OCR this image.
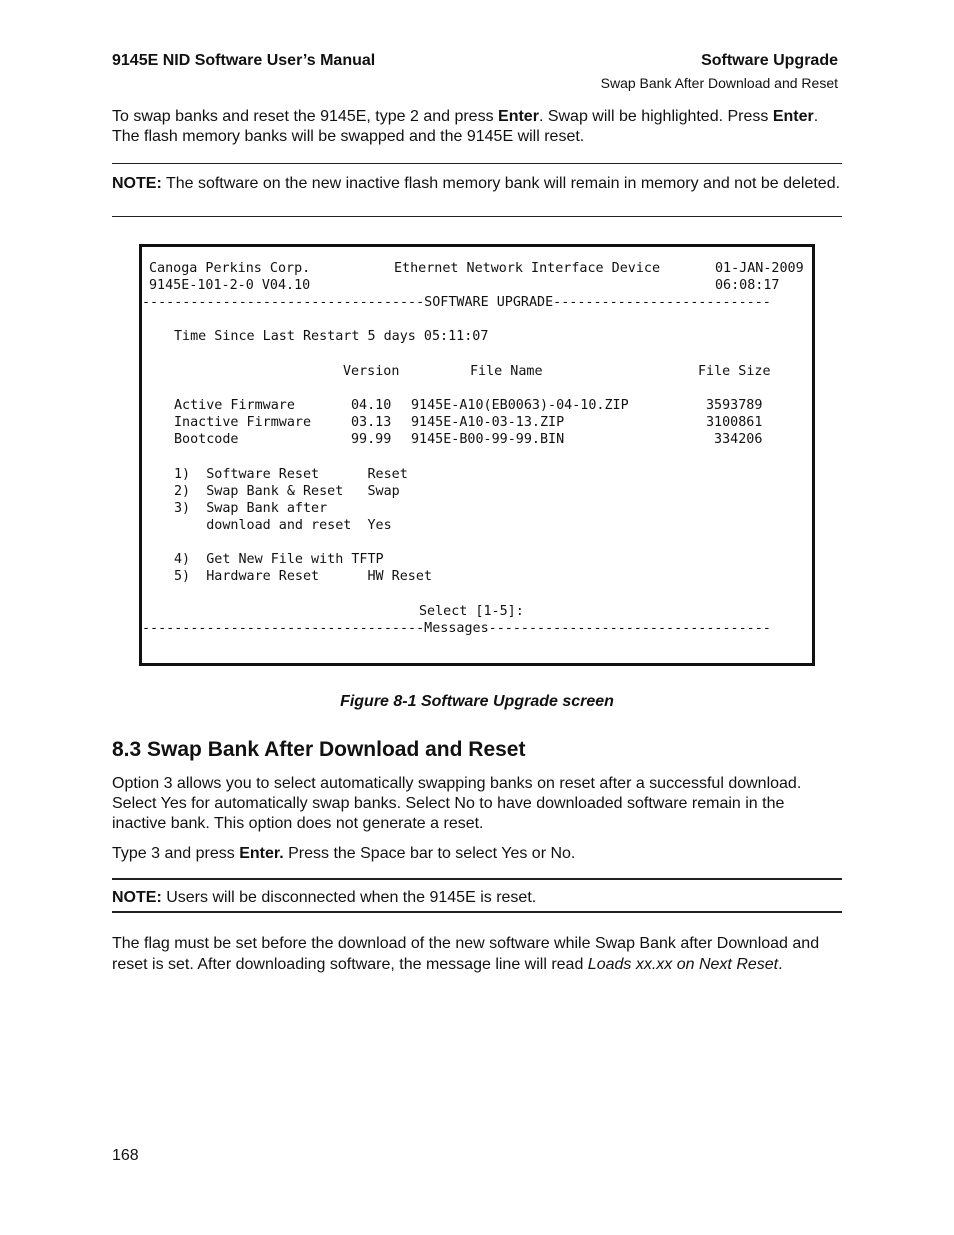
9145E NID Software User’s Manual	Software Upgrade
Swap Bank After Download and Reset
To swap banks and reset the 9145E, type 2 and press Enter. Swap will be highlighted. Press Enter. The flash memory banks will be swapped and the 9145E will reset.
NOTE: The software on the new inactive flash memory bank will remain in memory and not be deleted.
Canoga Perkins Corp.	Ethernet Network Interface Device	01-JAN-2009
9145E-101-2-0 V04.10	06:08:17
-----------------------------------SOFTWARE UPGRADE---------------------------
Time Since Last Restart 5 days 05:11:07
Version	File Name	File Size
Active Firmware	04.10 9145E-A10(EB0063)-04-10.ZIP	3593789
Inactive Firmware	03.13 9145E-A10-03-13.ZIP	3100861
Bootcode	99.99 9145E-B00-99-99.BIN	334206
1)  Software Reset      Reset
2)  Swap Bank & Reset   Swap
3)  Swap Bank after
download and reset  Yes
4)  Get New File with TFTP
5)  Hardware Reset      HW Reset
Select [1-5]:
-----------------------------------Messages-----------------------------------
Figure 8-1 Software Upgrade screen
8.3 Swap Bank After Download and Reset
Option 3 allows you to select automatically swapping banks on reset after a successful download. Select Yes for automatically swap banks. Select No to have downloaded software remain in the inactive bank. This option does not generate a reset.
Type 3 and press Enter. Press the Space bar to select Yes or No.
NOTE: Users will be disconnected when the 9145E is reset.
The flag must be set before the download of the new software while Swap Bank after Download and reset is set. After downloading software, the message line will read Loads xx.xx on Next Reset.
168
